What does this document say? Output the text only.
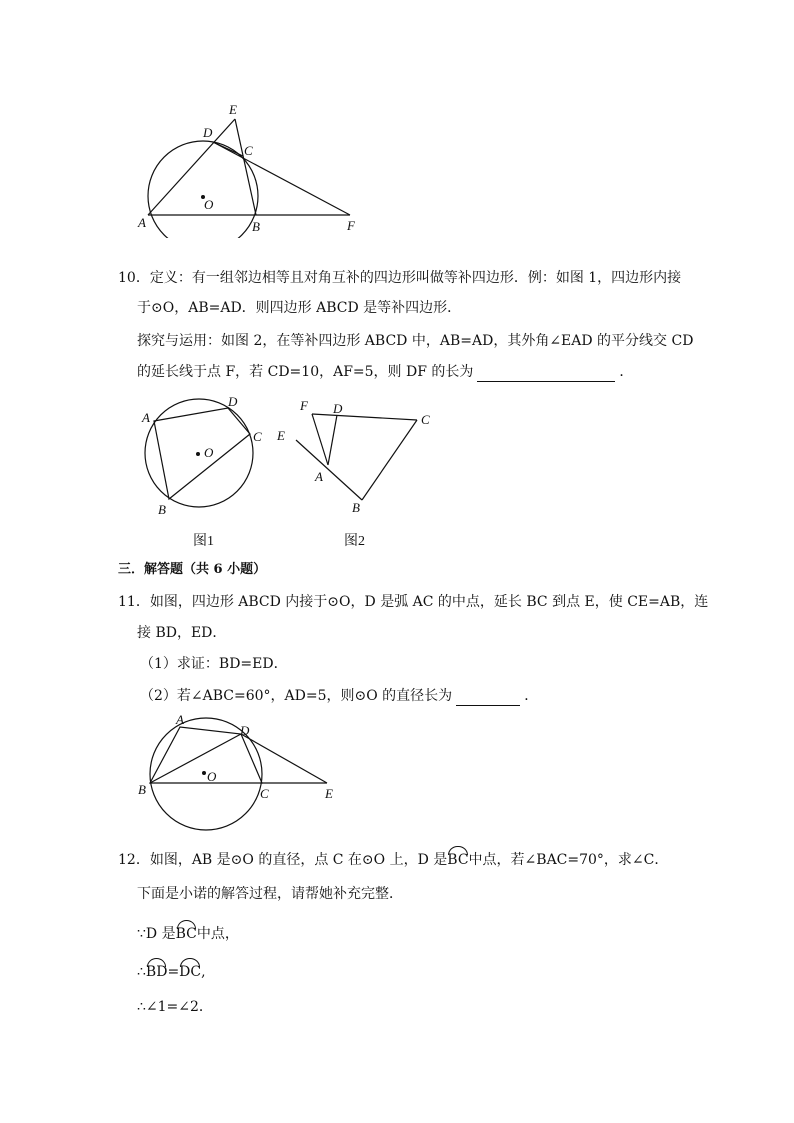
E
D
C
O
A	B	F
10．定义：有一组邻边相等且对角互补的四边形叫做等补四边形．例：如图 1，四边形内接
于⊙O，AB=AD．则四边形 ABCD 是等补四边形．
探究与运用：如图 2，在等补四边形 ABCD 中，AB=AD，其外角∠EAD 的平分线交 CD
的延长线于点 F，若 CD=10，AF=5，则 DF 的长为	．
A
D
C
O
B
F D
C
E
A
B
图1	图2
三．解答题（共 6 小题）
11．如图，四边形 ABCD 内接于⊙O，D 是弧 AC 的中点，延长 BC 到点 E，使 CE=AB，连
接 BD，ED．
（1）求证：BD=ED．
（2）若∠ABC=60°，AD=5，则⊙O 的直径长为	．
A
D
O
B	C	E
12．如图，AB 是⊙O 的直径，点 C 在⊙O 上，D 是BC中点，若∠BAC=70°，求∠C．
下面是小诺的解答过程，请帮她补充完整．
∵D 是BC中点，
∴BD=DC,
∴∠1=∠2．
